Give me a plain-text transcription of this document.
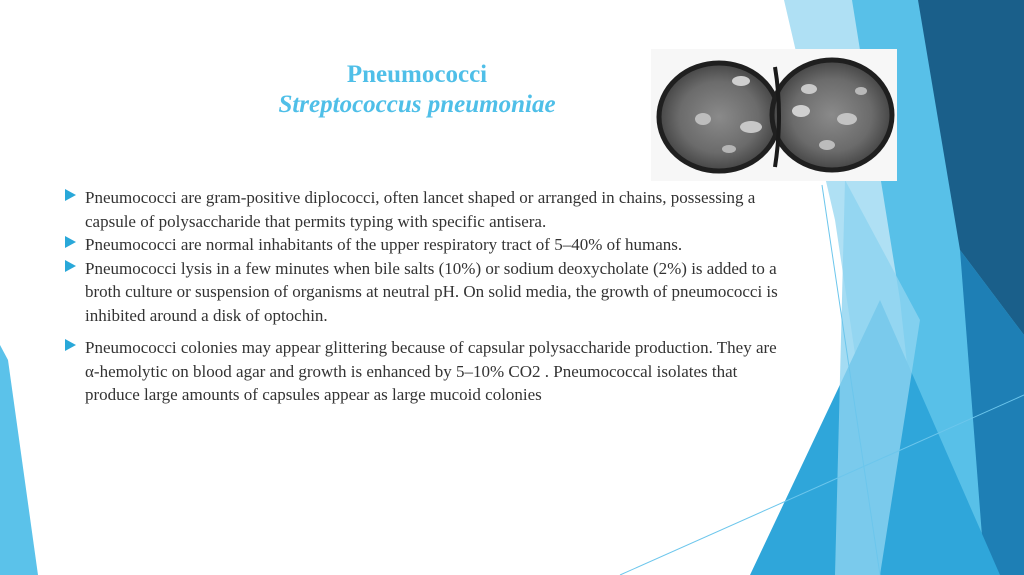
Pneumococci
Streptococcus pneumoniae
Pneumococci are gram-positive diplococci, often lancet shaped or arranged in chains, possessing a capsule of polysaccharide that permits typing with specific antisera.
Pneumococci are normal inhabitants of the upper respiratory tract of 5–40% of humans.
Pneumococci lysis in a few minutes when bile salts (10%) or sodium deoxycholate (2%) is added to a broth culture or suspension of organisms at neutral pH. On solid media, the growth of pneumococci is inhibited around a disk of optochin.
Pneumococci colonies may appear glittering because of capsular polysaccharide production. They are α-hemolytic on blood agar and growth is enhanced by 5–10% CO2 . Pneumococcal isolates that produce large amounts of capsules appear as large mucoid colonies
